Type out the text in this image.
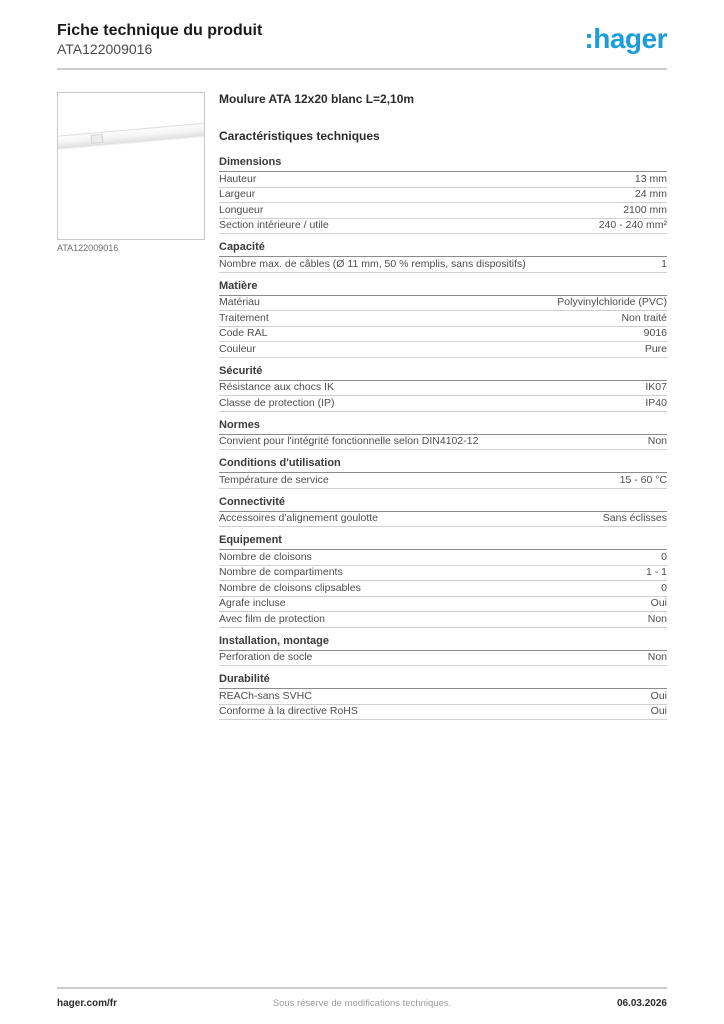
Fiche technique du produit
ATA122009016	:hager
ATA122009016
Moulure ATA 12x20 blanc L=2,10m
Caractéristiques techniques
Dimensions
Hauteur	13 mm
Largeur	24 mm
Longueur	2100 mm
Section intérieure / utile	240 - 240 mm²
Capacité
Nombre max. de câbles (Ø 11 mm, 50 % remplis, sans dispositifs)	1
Matière
Matériau	Polyvinylchloride (PVC)
Traitement	Non traité
Code RAL	9016
Couleur	Pure
Sécurité
Résistance aux chocs IK	IK07
Classe de protection (IP)	IP40
Normes
Convient pour l'intégrité fonctionnelle selon DIN4102-12	Non
Conditions d'utilisation
Température de service	15 - 60 °C
Connectivité
Accessoires d'alignement goulotte	Sans éclisses
Equipement
Nombre de cloisons	0
Nombre de compartiments	1 - 1
Nombre de cloisons clipsables	0
Agrafe incluse	Oui
Avec film de protection	Non
Installation, montage
Perforation de socle	Non
Durabilité
REACh-sans SVHC	Oui
Conforme à la directive RoHS	Oui
hager.com/fr	Sous réserve de modifications techniques.	06.03.2026
